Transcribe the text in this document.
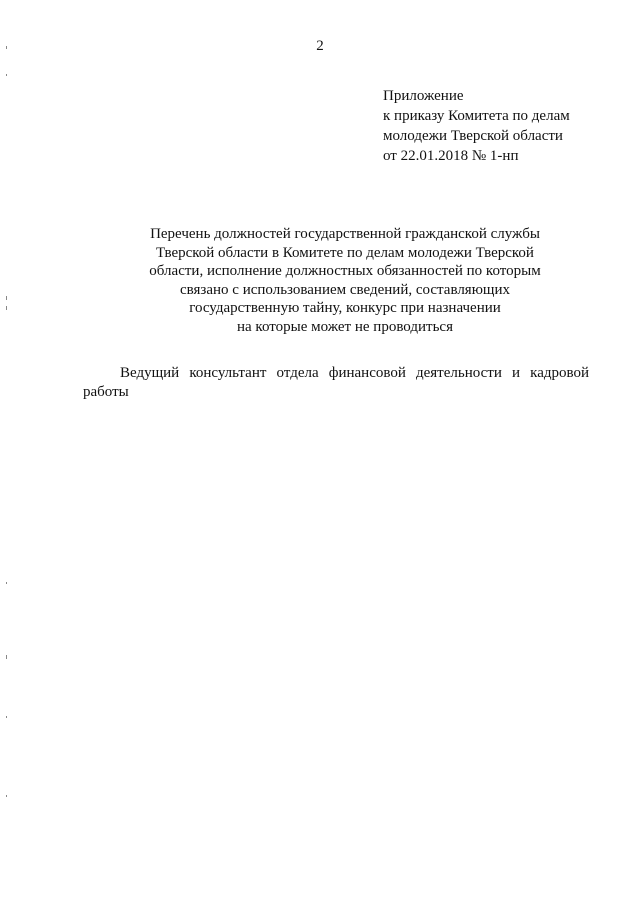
2
Приложение
к приказу Комитета по делам
молодежи Тверской области
от 22.01.2018 № 1-нп
Перечень должностей государственной гражданской службы
Тверской области в Комитете по делам молодежи Тверской
области, исполнение должностных обязанностей по которым
связано с использованием сведений, составляющих
государственную тайну, конкурс при назначении
на которые может не проводиться
Ведущий консультант отдела финансовой деятельности и кадровой
работы
